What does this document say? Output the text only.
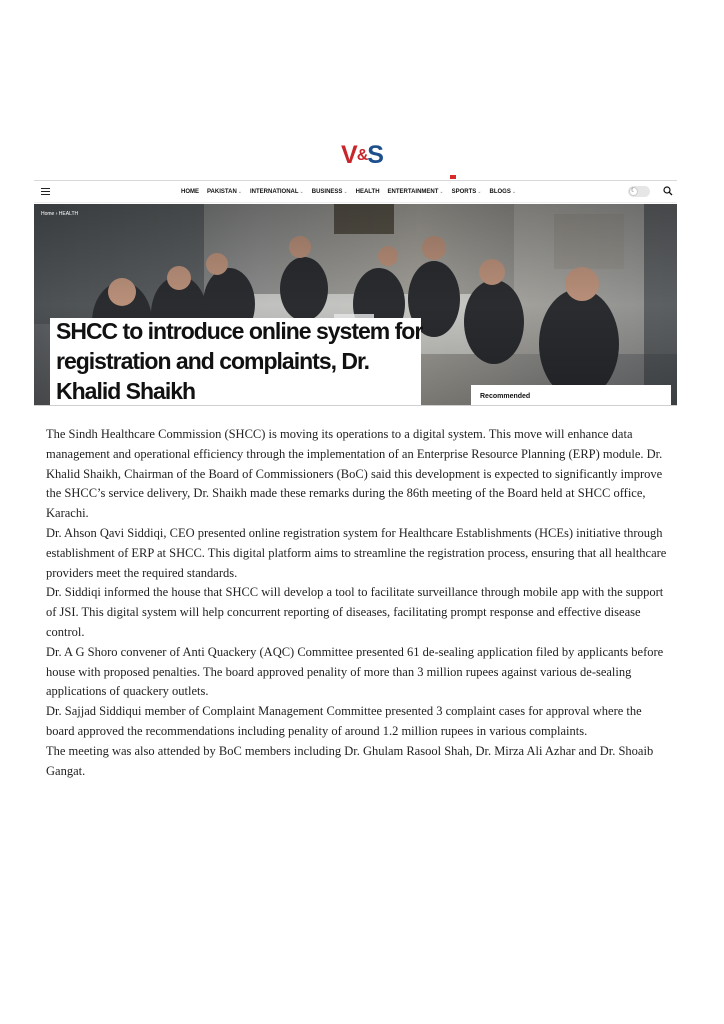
V&S
HOME PAKISTAN⌄ INTERNATIONAL⌄ BUSINESS⌄ HEALTH ENTERTAINMENT⌄ SPORTS⌄ BLOGS⌄	☾
Home › HEALTH
SHCC to introduce online system for registration and complaints, Dr. Khalid Shaikh	Recommended

The Sindh Healthcare Commission (SHCC) is moving its operations to a digital system. This move will enhance data management and operational efficiency through the implementation of an Enterprise Resource Planning (ERP) module. Dr. Khalid Shaikh, Chairman of the Board of Commissioners (BoC) said this development is expected to significantly improve the SHCC’s service delivery, Dr. Shaikh made these remarks during the 86th meeting of the Board held at SHCC office, Karachi.

Dr. Ahson Qavi Siddiqi, CEO presented online registration system for Healthcare Establishments (HCEs) initiative through establishment of ERP at SHCC. This digital platform aims to streamline the registration process, ensuring that all healthcare providers meet the required standards.

Dr. Siddiqi informed the house that SHCC will develop a tool to facilitate surveillance through mobile app with the support of JSI. This digital system will help concurrent reporting of diseases, facilitating prompt response and effective disease control.

Dr. A G Shoro convener of Anti Quackery (AQC) Committee presented 61 de-sealing application filed by applicants before house with proposed penalties. The board approved penality of more than 3 million rupees against various de-sealing applications of quackery outlets.

Dr. Sajjad Siddiqui member of Complaint Management Committee presented 3 complaint cases for approval where the board approved the recommendations including penality of around 1.2 million rupees in various complaints.

The meeting was also attended by BoC members including Dr. Ghulam Rasool Shah, Dr. Mirza Ali Azhar and Dr. Shoaib Gangat.
